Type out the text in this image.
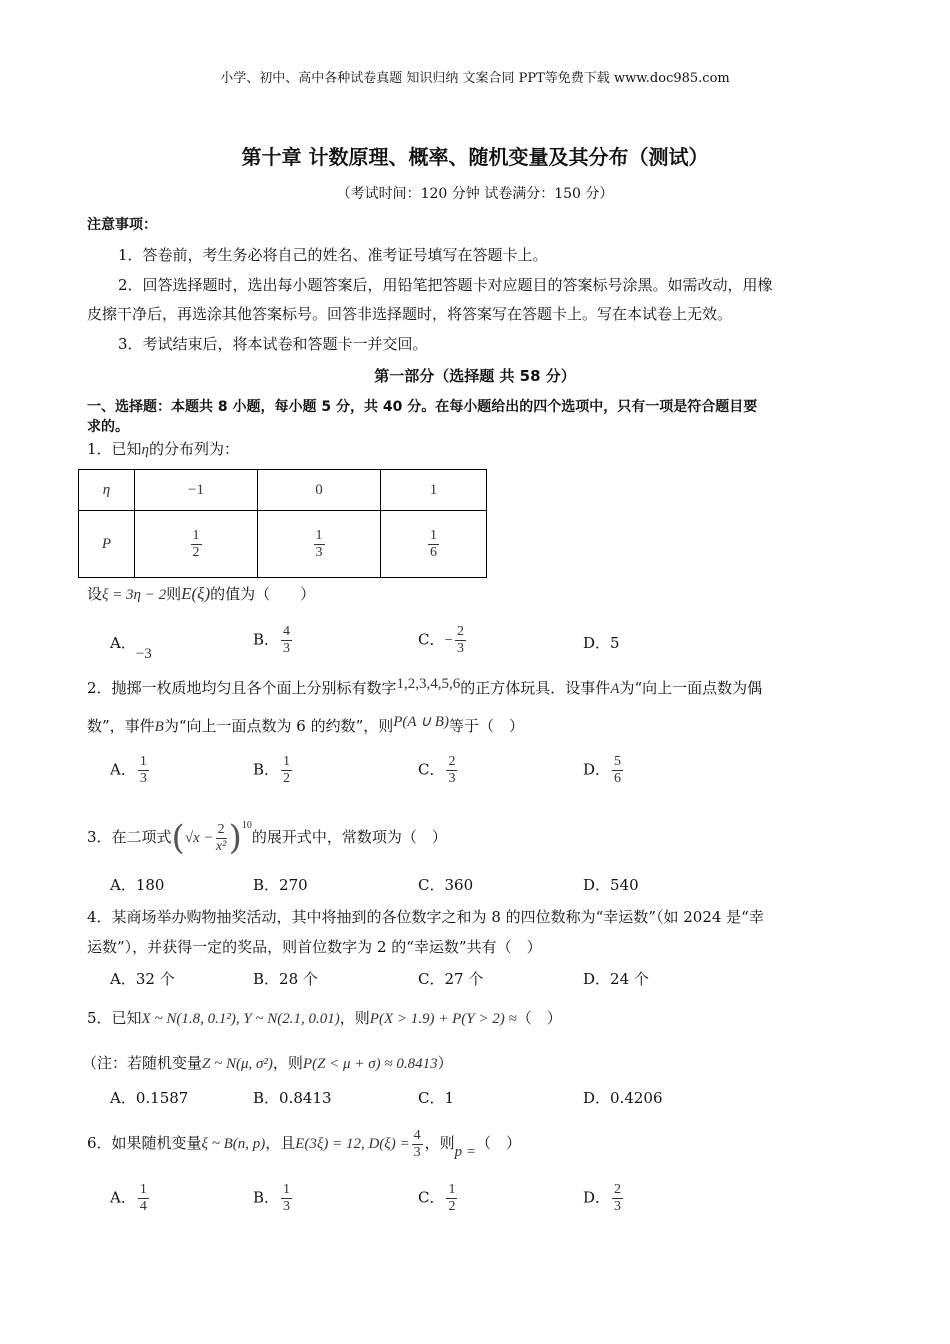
小学、初中、高中各种试卷真题 知识归纳 文案合同 PPT等免费下载 www.doc985.com
第十章 计数原理、概率、随机变量及其分布（测试）
（考试时间：120 分钟 试卷满分：150 分）
注意事项：
1．答卷前，考生务必将自己的姓名、准考证号填写在答题卡上。
2．回答选择题时，选出每小题答案后，用铅笔把答题卡对应题目的答案标号涂黑。如需改动，用橡
皮擦干净后，再选涂其他答案标号。回答非选择题时，将答案写在答题卡上。写在本试卷上无效。
3．考试结束后，将本试卷和答题卡一并交回。
第一部分（选择题 共 58 分）
一、选择题：本题共 8 小题，每小题 5 分，共 40 分。在每小题给出的四个选项中，只有一项是符合题目要
求的。
1．已知η的分布列为：
η	−1	0	1
P	$\frac{1}{2}$	$\frac{1}{3}$	$\frac{1}{6}$
设ξ = 3η − 2则E(ξ)的值为（　　）
A．−3
B． $\frac{4}{3}$	C．− $\frac{2}{3}$	D．5
2．抛掷一枚质地均匀且各个面上分别标有数字1,2,3,4,5,6的正方体玩具．设事件A为“向上一面点数为偶
数”，事件B为“向上一面点数为 6 的约数”，则P(A ∪ B)等于（　）
A． $\frac{1}{3}$	B． $\frac{1}{2}$	C． $\frac{2}{3}$	D． $\frac{5}{6}$
3．在二项式$(√x - \frac{2}{\text{x²}} )^{10}$的展开式中，常数项为（　）
A．180	B．270	C．360	D．540
4．某商场举办购物抽奖活动，其中将抽到的各位数字之和为 8 的四位数称为“幸运数”（如 2024 是“幸
运数”），并获得一定的奖品，则首位数字为 2 的“幸运数”共有（　）
A．32 个	B．28 个	C．27 个	D．24 个
5．已知X ~ N(1.8, 0.1²), Y ~ N(2.1, 0.01)，则P(X > 1.9) + P(Y > 2) ≈（　）
（注：若随机变量Z ~ N(μ, σ²)，则P(Z < μ + σ) ≈ 0.8413）
A．0.1587	B．0.8413	C．1	D．0.4206
6．如果随机变量ξ ~ B(n, p)，且E(3ξ) = 12, $D(\xi) = \frac{4}{3}$ ，则p =（　）
A． $\frac{1}{4}$	B． $\frac{1}{3}$	C． $\frac{1}{2}$	D． $\frac{2}{3}$
